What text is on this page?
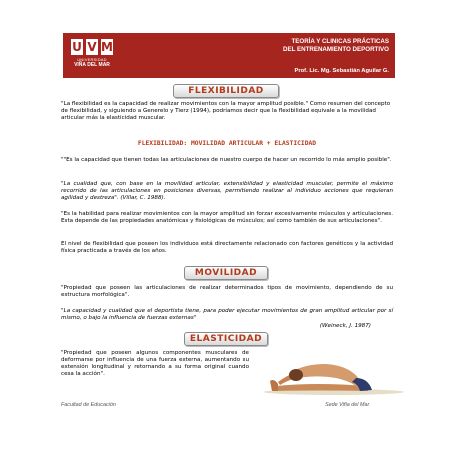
U V M
UNIVERSIDAD
VIÑA DEL MAR
TEORÍA Y CLINICAS PRÁCTICAS
DEL ENTRENAMIENTO DEPORTIVO
Prof. Lic. Mg. Sebastián Aguilar G.
FLEXIBILIDAD
"La flexibilidad es la capacidad de realizar movimientos con la mayor amplitud posible." Como resumen del concepto de flexibilidad, y siguiendo a Generelo y Tierz (1994), podríamos decir que la flexibilidad equivale a la movilidad articular más la elasticidad muscular.
FLEXIBILIDAD: MOVILIDAD ARTICULAR + ELASTICIDAD
""Es la capacidad que tienen todas las articulaciones de nuestro cuerpo de hacer un recorrido lo más amplio posible".
"La cualidad que, con base en la movilidad articular, extensibilidad y elasticidad muscular, permite el máximo recorrido de las articulaciones en posiciones diversas, permitiendo realizar al individuo acciones que requieran agilidad y destreza". (Villar, C. 1988).
"Es la habilidad para realizar movimientos con la mayor amplitud sin forzar excesivamente músculos y articulaciones. Esta depende de las propiedades anatómicas y fisiológicas de músculos; así como también de sus articulaciones".
El nivel de flexibilidad que poseen los individuos está directamente relacionado con factores genéticos y la actividad física practicada a través de los años.
MOVILIDAD
"Propiedad que poseen las articulaciones de realizar determinados tipos de movimiento, dependiendo de su estructura morfológica".
"La capacidad y cualidad que el deportista tiene, para poder ejecutar movimientos de gran amplitud articular por sí mismo, o bajo la influencia de fuerzas externas"
(Weineck, J. 1987)
ELASTICIDAD
"Propiedad que poseen algunos componentes musculares de deformarse por influencia de una fuerza externa, aumentando su extensión longitudinal y retornando a su forma original cuando cesa la acción".
Facultad de Educación	Sede Viña del Mar
